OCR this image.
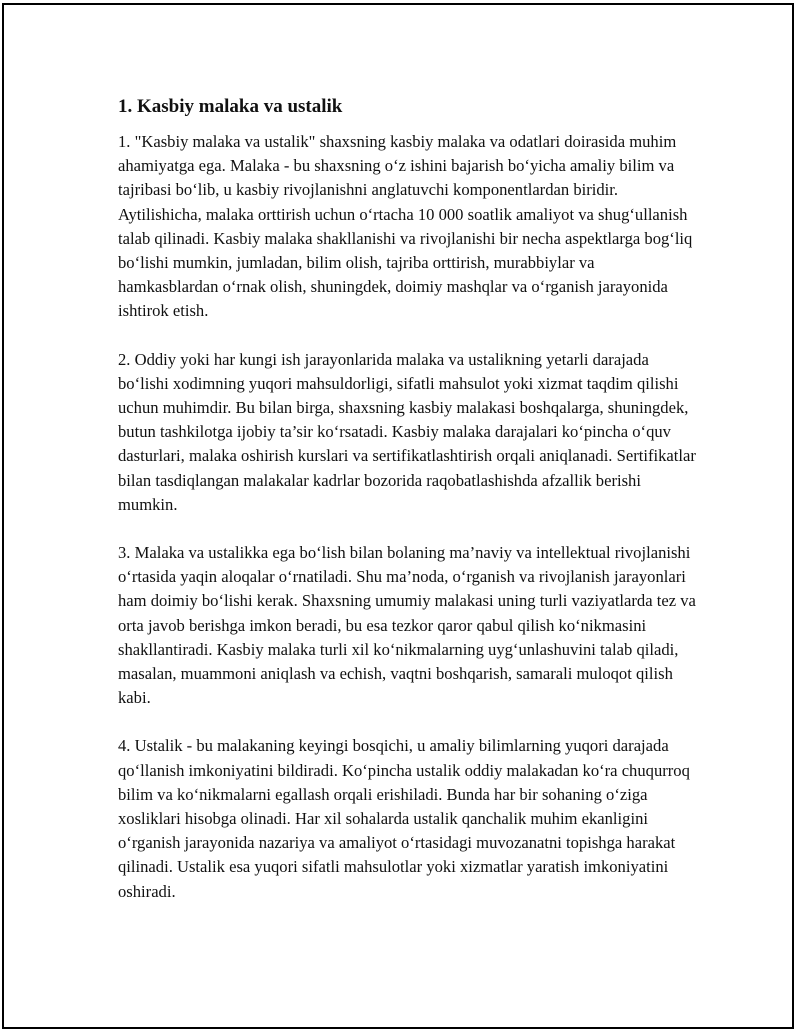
1. Kasbiy malaka va ustalik

1. "Kasbiy malaka va ustalik" shaxsning kasbiy malaka va odatlari doirasida muhim ahamiyatga ega. Malaka - bu shaxsning o‘z ishini bajarish bo‘yicha amaliy bilim va tajribasi bo‘lib, u kasbiy rivojlanishni anglatuvchi komponentlardan biridir. Aytilishicha, malaka orttirish uchun o‘rtacha 10 000 soatlik amaliyot va shug‘ullanish talab qilinadi. Kasbiy malaka shakllanishi va rivojlanishi bir necha aspektlarga bog‘liq bo‘lishi mumkin, jumladan, bilim olish, tajriba orttirish, murabbiylar va hamkasblardan o‘rnak olish, shuningdek, doimiy mashqlar va o‘rganish jarayonida ishtirok etish.

2. Oddiy yoki har kungi ish jarayonlarida malaka va ustalikning yetarli darajada bo‘lishi xodimning yuqori mahsuldorligi, sifatli mahsulot yoki xizmat taqdim qilishi uchun muhimdir. Bu bilan birga, shaxsning kasbiy malakasi boshqalarga, shuningdek, butun tashkilotga ijobiy ta’sir ko‘rsatadi. Kasbiy malaka darajalari ko‘pincha o‘quv dasturlari, malaka oshirish kurslari va sertifikatlashtirish orqali aniqlanadi. Sertifikatlar bilan tasdiqlangan malakalar kadrlar bozorida raqobatlashishda afzallik berishi mumkin.

3. Malaka va ustalikka ega bo‘lish bilan bolaning ma’naviy va intellektual rivojlanishi o‘rtasida yaqin aloqalar o‘rnatiladi. Shu ma’noda, o‘rganish va rivojlanish jarayonlari ham doimiy bo‘lishi kerak. Shaxsning umumiy malakasi uning turli vaziyatlarda tez va orta javob berishga imkon beradi, bu esa tezkor qaror qabul qilish ko‘nikmasini shakllantiradi. Kasbiy malaka turli xil ko‘nikmalarning uyg‘unlashuvini talab qiladi, masalan, muammoni aniqlash va echish, vaqtni boshqarish, samarali muloqot qilish kabi.

4. Ustalik - bu malakaning keyingi bosqichi, u amaliy bilimlarning yuqori darajada qo‘llanish imkoniyatini bildiradi. Ko‘pincha ustalik oddiy malakadan ko‘ra chuqurroq bilim va ko‘nikmalarni egallash orqali erishiladi. Bunda har bir sohaning o‘ziga xosliklari hisobga olinadi. Har xil sohalarda ustalik qanchalik muhim ekanligini o‘rganish jarayonida nazariya va amaliyot o‘rtasidagi muvozanatni topishga harakat qilinadi. Ustalik esa yuqori sifatli mahsulotlar yoki xizmatlar yaratish imkoniyatini oshiradi.
